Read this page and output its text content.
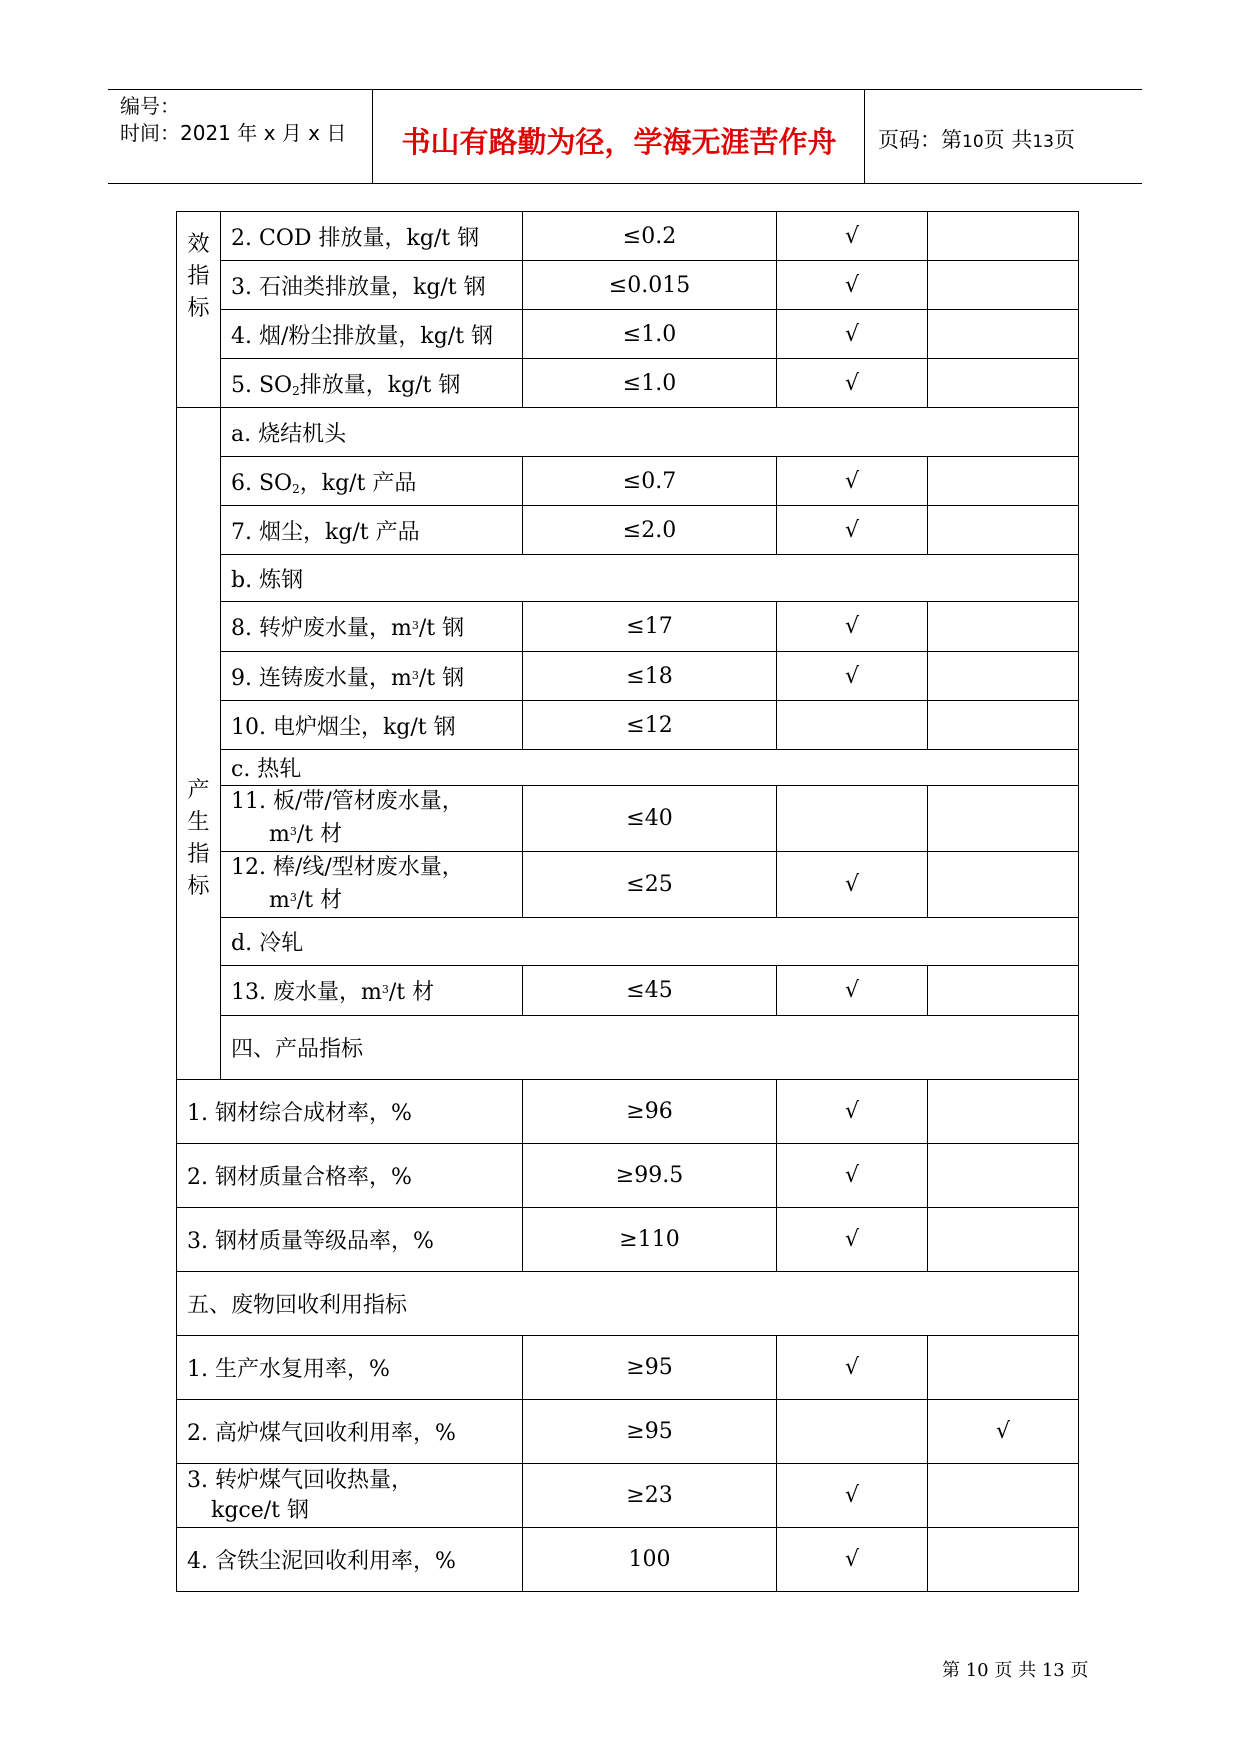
编号：
时间：2021 年 x 月 x 日	书山有路勤为径，学海无涯苦作舟	页码：第10页 共13页
效
指
标	2. COD 排放量，kg/t 钢	≤0.2	√	
	3. 石油类排放量，kg/t 钢	≤0.015	√	
	4. 烟/粉尘排放量，kg/t 钢	≤1.0	√	
	5. $SO_2$排放量，kg/t 钢	≤1.0	√	

产
生
指
标	a. 烧结机头			
	6. $SO_2$，kg/t 产品	≤0.7	√	
	7. 烟尘，kg/t 产品	≤2.0	√	
	b. 炼钢			
	8. 转炉废水量，$m^3/t$ 钢	≤17	√	
	9. 连铸废水量，$m^3/t$ 钢	≤18	√	
	10. 电炉烟尘，kg/t 钢	≤12		
	c. 热轧			
	11. 板/带/管材废水量，
$m^3/t$ 材	≤40		
	12. 棒/线/型材废水量，
$m^3/t$ 材	≤25	√	
	d. 冷轧			
	13. 废水量，$m^3/t$ 材	≤45	√	
	四、产品指标			
1. 钢材综合成材率，%		≥96	√	
2. 钢材质量合格率，%		≥99.5	√	
3. 钢材质量等级品率，%		≥110	√	
五、废物回收利用指标				
1. 生产水复用率，%		≥95	√	
2. 高炉煤气回收利用率，%		≥95		√
3. 转炉煤气回收热量，
kgce/t 钢		≥23	√	
4. 含铁尘泥回收利用率，%		100	√	
第 10 页 共 13 页
